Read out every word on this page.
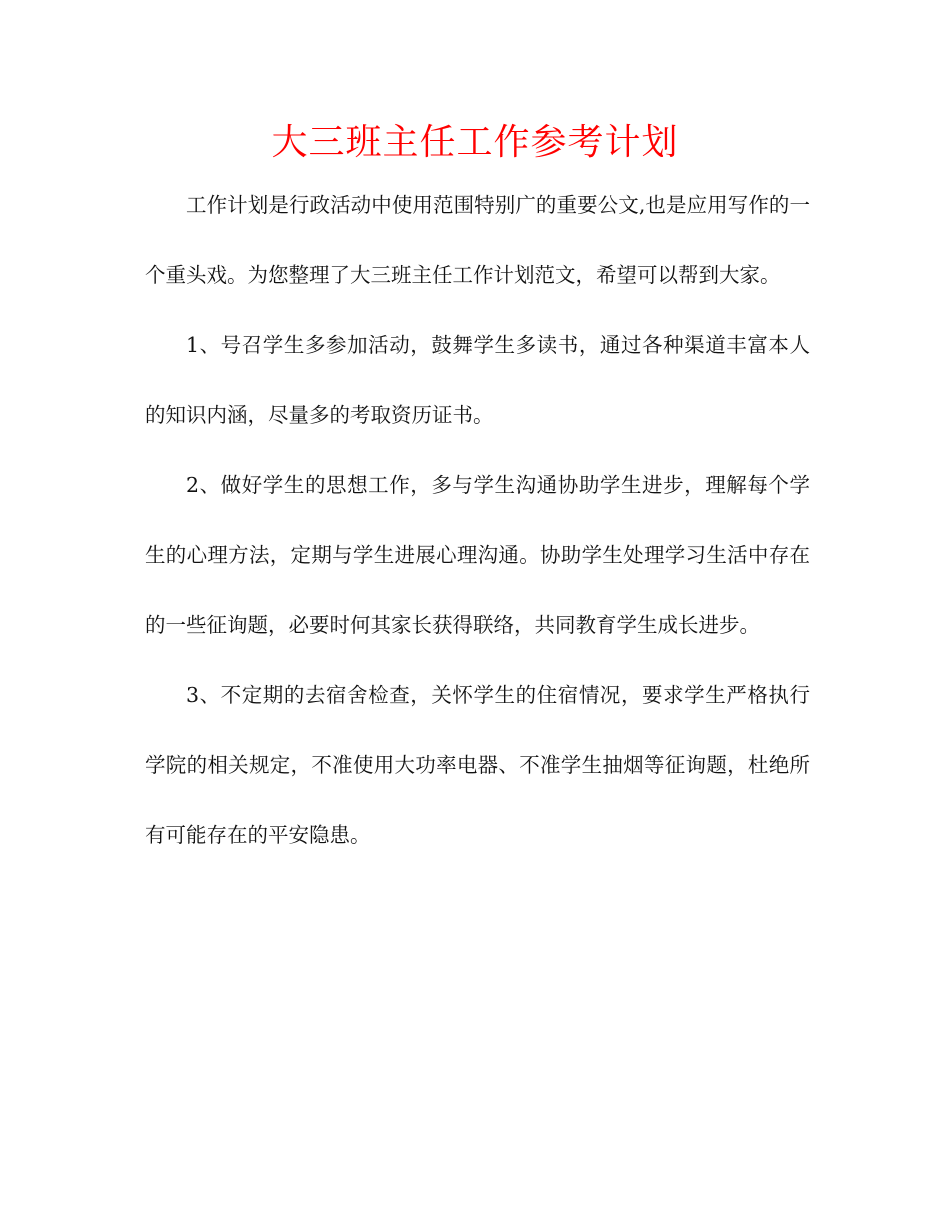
大三班主任工作参考计划

工作计划是行政活动中使用范围特别广的重要公文,也是应用写作的一个重头戏。为您整理了大三班主任工作计划范文，希望可以帮到大家。

1、号召学生多参加活动，鼓舞学生多读书，通过各种渠道丰富本人的知识内涵，尽量多的考取资历证书。

2、做好学生的思想工作，多与学生沟通协助学生进步，理解每个学生的心理方法，定期与学生进展心理沟通。协助学生处理学习生活中存在的一些征询题，必要时何其家长获得联络，共同教育学生成长进步。

3、不定期的去宿舍检查，关怀学生的住宿情况，要求学生严格执行学院的相关规定，不准使用大功率电器、不准学生抽烟等征询题，杜绝所有可能存在的平安隐患。
